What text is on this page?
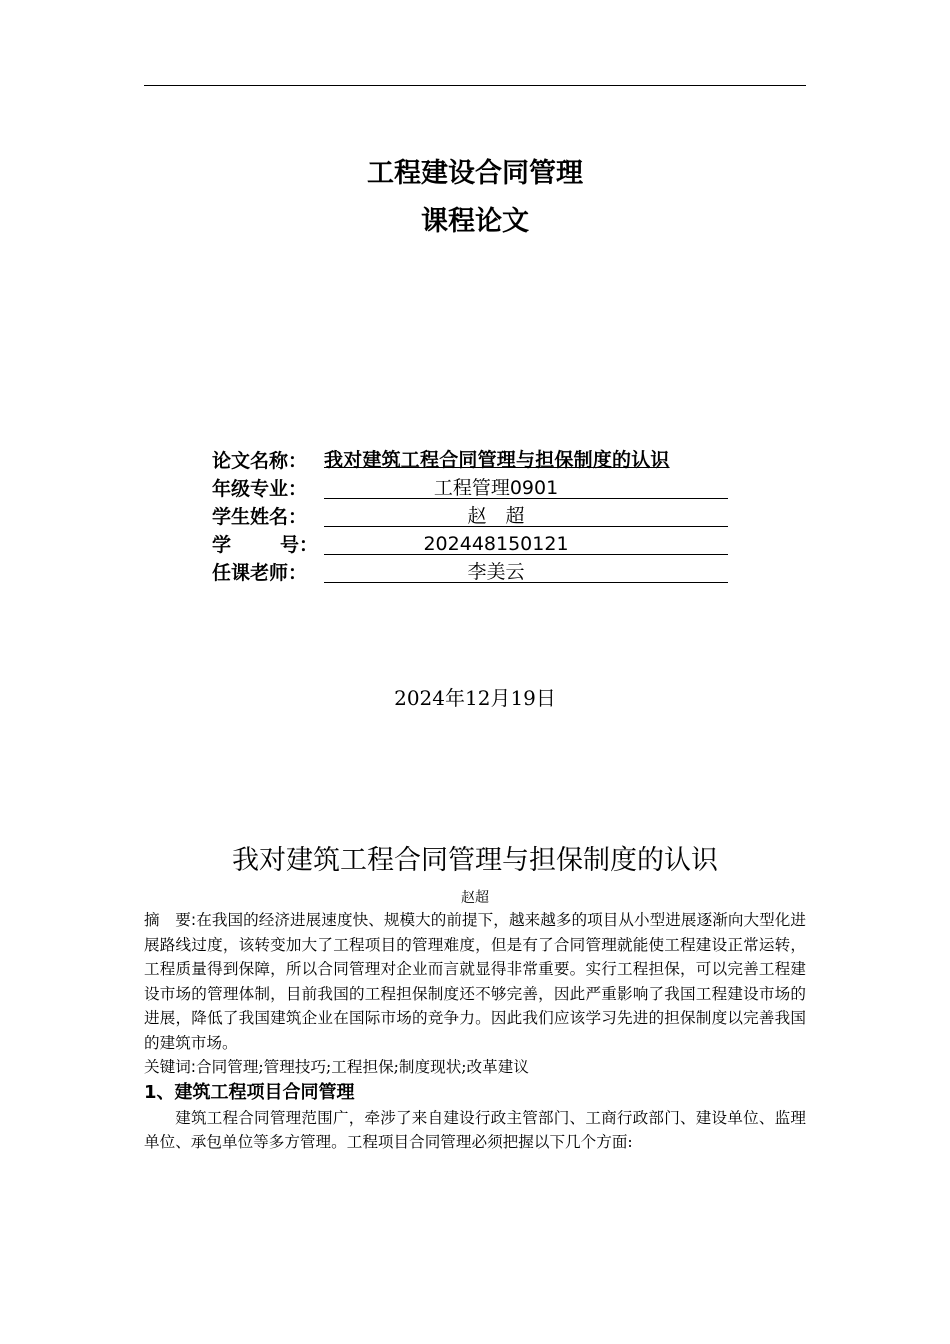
工程建设合同管理
课程论文
论文名称： 我对建筑工程合同管理与担保制度的认识
年级专业：	工程管理0901
学生姓名：	赵　超
学	号：	202448150121
任课老师：	李美云
2024年12月19日
我对建筑工程合同管理与担保制度的认识
赵超

摘　要:在我国的经济进展速度快、规模大的前提下，越来越多的项目从小型进展逐渐向大型化进展路线过度，该转变加大了工程项目的管理难度，但是有了合同管理就能使工程建设正常运转，工程质量得到保障，所以合同管理对企业而言就显得非常重要。实行工程担保，可以完善工程建设市场的管理体制，目前我国的工程担保制度还不够完善，因此严重影响了我国工程建设市场的进展，降低了我国建筑企业在国际市场的竞争力。因此我们应该学习先进的担保制度以完善我国的建筑市场。

关键词:合同管理;管理技巧;工程担保;制度现状;改革建议

1、建筑工程项目合同管理

建筑工程合同管理范围广，牵涉了来自建设行政主管部门、工商行政部门、建设单位、监理单位、承包单位等多方管理。工程项目合同管理必须把握以下几个方面:
